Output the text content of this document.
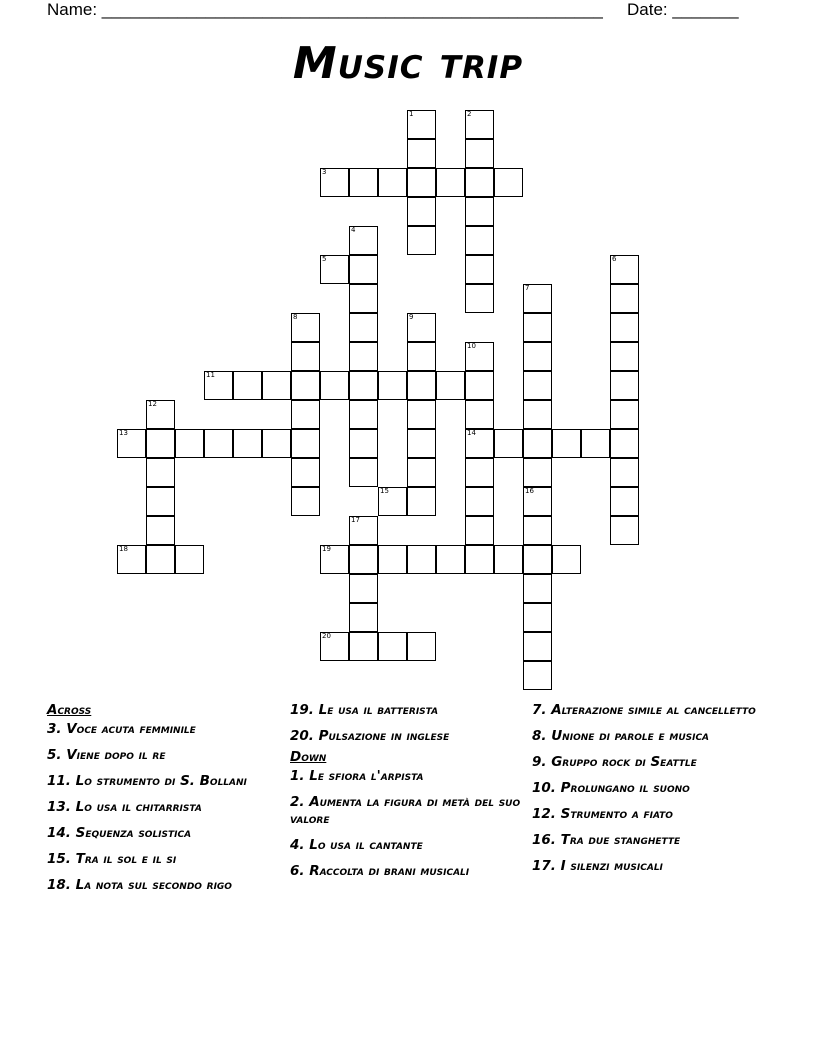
Name: _____________________________________________________ Date: _______
Music trip
3
5
11
13	14
15
18	19
20
1	2
4
6
7
16
8	9
10
12
17
Across
3. Voce acuta femminile
5. Viene dopo il re
11. Lo strumento di S. Bollani
13. Lo usa il chitarrista
14. Sequenza solistica
15. Tra il sol e il si
18. La nota sul secondo rigo
19. Le usa il batterista
20. Pulsazione in inglese
Down
1. Le sfiora l'arpista
2. Aumenta la figura di metà del suo valore
4. Lo usa il cantante
6. Raccolta di brani musicali
7. Alterazione simile al cancelletto
8. Unione di parole e musica
9. Gruppo rock di Seattle
10. Prolungano il suono
12. Strumento a fiato
16. Tra due stanghette
17. I silenzi musicali
